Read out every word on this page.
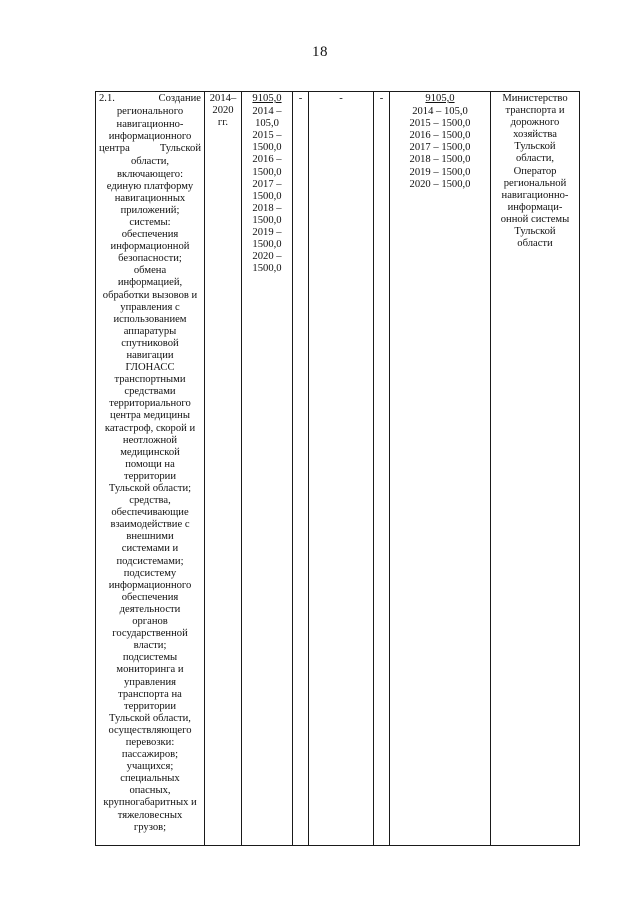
18
2.1.	Создание
регионального
навигационно-
информационного
центра	Тульской
области,
включающего:
единую платформу
навигационных
приложений;
системы:
обеспечения
информационной
безопасности;
обмена
информацией,
обработки вызовов и
управления с
использованием
аппаратуры
спутниковой
навигации
ГЛОНАСС
транспортными
средствами
территориального
центра медицины
катастроф, скорой и
неотложной
медицинской
помощи на
территории
Тульской области;
средства,
обеспечивающие
взаимодействие с
внешними
системами и
подсистемами;
подсистему
информационного
обеспечения
деятельности
органов
государственной
власти;
подсистемы
мониторинга и
управления
транспорта на
территории
Тульской области,
осуществляющего
перевозки:
пассажиров;
учащихся;
специальных
опасных,
крупногабаритных и
тяжеловесных
грузов;

2014–
2020
гг.

9105,0
2014 –
105,0
2015 –
1500,0
2016 –
1500,0
2017 –
1500,0
2018 –
1500,0
2019 –
1500,0
2020 –
1500,0

-	-	-	9105,0
2014 – 105,0
2015 – 1500,0
2016 – 1500,0
2017 – 1500,0
2018 – 1500,0
2019 – 1500,0
2020 – 1500,0

Министерство
транспорта и
дорожного
хозяйства
Тульской
области,
Оператор
региональной
навигационно-
информаци-
онной системы
Тульской
области
